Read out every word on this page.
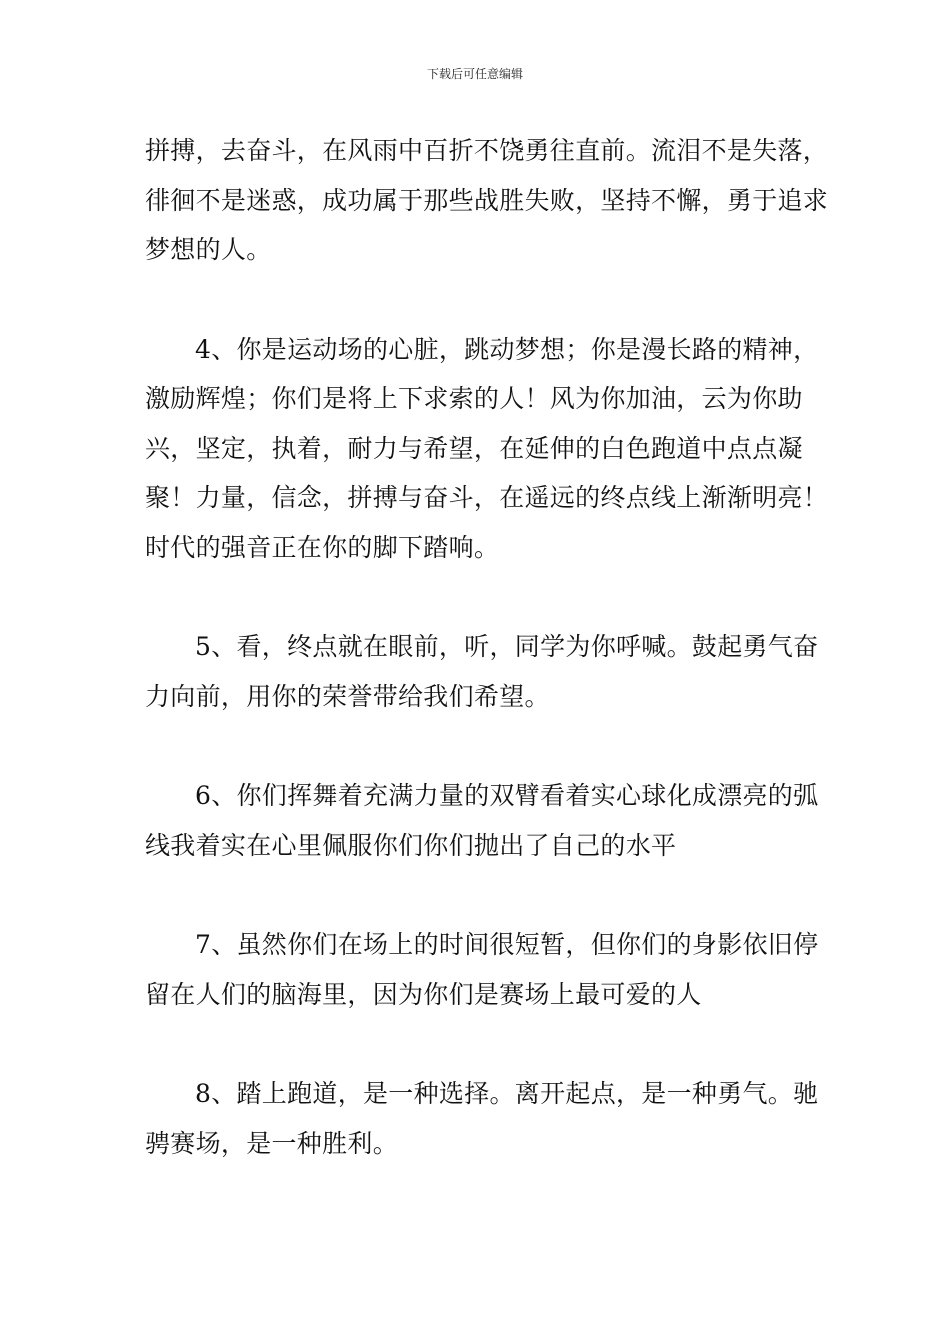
下载后可任意编辑

拼搏，去奋斗，在风雨中百折不饶勇往直前。流泪不是失落，徘徊不是迷惑，成功属于那些战胜失败，坚持不懈，勇于追求梦想的人。

4、你是运动场的心脏，跳动梦想；你是漫长路的精神，激励辉煌；你们是将上下求索的人！风为你加油，云为你助兴，坚定，执着，耐力与希望，在延伸的白色跑道中点点凝聚！力量，信念，拼搏与奋斗，在遥远的终点线上渐渐明亮！时代的强音正在你的脚下踏响。

5、看，终点就在眼前，听，同学为你呼喊。鼓起勇气奋力向前，用你的荣誉带给我们希望。

6、你们挥舞着充满力量的双臂看着实心球化成漂亮的弧线我着实在心里佩服你们你们抛出了自己的水平

7、虽然你们在场上的时间很短暂，但你们的身影依旧停留在人们的脑海里，因为你们是赛场上最可爱的人

8、踏上跑道，是一种选择。离开起点，是一种勇气。驰骋赛场，是一种胜利。
